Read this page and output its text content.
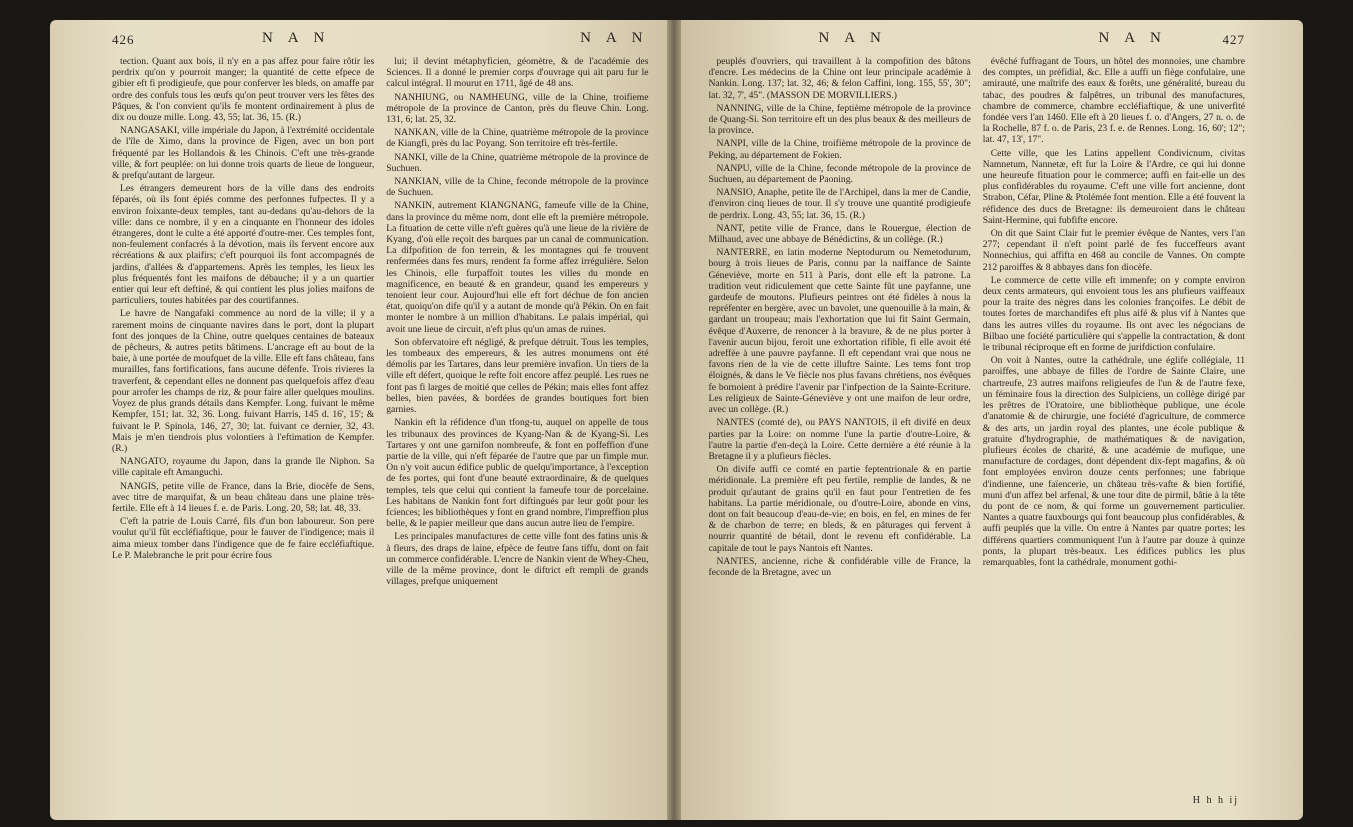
426	N A N	N A N

tection. Quant aux bois, il n'y en a pas affez pour faire rôtir les perdrix qu'on y pourroit manger; la quantité de cette efpece de gibier eft fi prodigieufe, que pour conferver les bleds, on amaffe par ordre des confuls tous les œufs qu'on peut trouver vers les fêtes des Pâques, & l'on convient qu'ils fe montent ordinairement à plus de dix ou douze mille. Long. 43, 55; lat. 36, 15. (R.)

NANGASAKI, ville impériale du Japon, à l'extrémité occidentale de l'île de Ximo, dans la province de Figen, avec un bon port fréquenté par les Hollandois & les Chinois. C'eft une très-grande ville, & fort peuplée: on lui donne trois quarts de lieue de longueur, & prefqu'autant de largeur.

Les étrangers demeurent hors de la ville dans des endroits féparés, où ils font épiés comme des perfonnes fufpectes. Il y a environ foixante-deux temples, tant au-dedans qu'au-dehors de la ville: dans ce nombre, il y en a cinquante en l'honneur des idoles étrangeres, dont le culte a été apporté d'outre-mer. Ces temples font, non-feulement confacrés à la dévotion, mais ils fervent encore aux récréations & aux plaifirs; c'eft pourquoi ils font accompagnés de jardins, d'allées & d'appartemens. Après les temples, les lieux les plus fréquentés font les maifons de débauche; il y a un quartier entier qui leur eft deftiné, & qui contient les plus jolies maifons de particuliers, toutes habitées par des courtifannes.

Le havre de Nangafaki commence au nord de la ville; il y a rarement moins de cinquante navires dans le port, dont la plupart font des jonques de la Chine, outre quelques centaines de bateaux de pêcheurs, & autres petits bâtimens. L'ancrage eft au bout de la baie, à une portée de moufquet de la ville. Elle eft fans château, fans murailles, fans fortifications, fans aucune défenfe. Trois rivieres la traverfent, & cependant elles ne donnent pas quelquefois affez d'eau pour arrofer les champs de riz, & pour faire aller quelques moulins. Voyez de plus grands détails dans Kempfer. Long. fuivant le même Kempfer, 151; lat. 32, 36. Long. fuivant Harris, 145 d. 16', 15'; & fuivant le P. Spinola, 146, 27, 30; lat. fuivant ce dernier, 32, 43. Mais je m'en tiendrois plus volontiers à l'eftimation de Kempfer. (R.)

NANGATO, royaume du Japon, dans la grande île Niphon. Sa ville capitale eft Amanguchi.

NANGIS, petite ville de France, dans la Brie, diocèfe de Sens, avec titre de marquifat, & un beau château dans une plaine très-fertile. Elle eft à 14 lieues f. e. de Paris. Long. 20, 58; lat. 48, 33.

C'eft la patrie de Louis Carré, fils d'un bon laboureur. Son pere voulut qu'il fût eccléfiaftique, pour le fauver de l'indigence; mais il aima mieux tomber dans l'indigence que de fe faire eccléfiaftique. Le P. Malebranche le prit pour écrire fous

lui; il devint métaphyficien, géomètre, & de l'académie des Sciences. Il a donné le premier corps d'ouvrage qui ait paru fur le calcul intégral. Il mourut en 1711, âgé de 48 ans.

NANHIUNG, ou NAMHEUNG, ville de la Chine, troifieme métropole de la province de Canton, près du fleuve Chin. Long. 131, 6; lat. 25, 32.

NANKAN, ville de la Chine, quatrième métropole de la province de Kiangfi, près du lac Poyang. Son territoire eft très-fertile.

NANKI, ville de la Chine, quatrième métropole de la province de Suchuen.

NANKIAN, ville de la Chine, feconde métropole de la province de Suchuen.

NANKIN, autrement KIANGNANG, fameufe ville de la Chine, dans la province du même nom, dont elle eft la première métropole. La fituation de cette ville n'eft guères qu'à une lieue de la rivière de Kyang, d'où elle reçoit des barques par un canal de communication. La difpofition de fon terrein, & les montagnes qui fe trouvent renfermées dans fes murs, rendent fa forme affez irrégulière. Selon les Chinois, elle furpaffoit toutes les villes du monde en magnificence, en beauté & en grandeur, quand les empereurs y tenoient leur cour. Aujourd'hui elle eft fort déchue de fon ancien état, quoiqu'on dife qu'il y a autant de monde qu'à Pékin. On en fait monter le nombre à un million d'habitans. Le palais impérial, qui avoit une lieue de circuit, n'eft plus qu'un amas de ruines.

Son obfervatoire eft négligé, & prefque détruit. Tous les temples, les tombeaux des empereurs, & les autres monumens ont été démolis par les Tartares, dans leur première invafion. Un tiers de la ville eft défert, quoique le refte foit encore affez peuplé. Les rues ne font pas fi larges de moitié que celles de Pékin; mais elles font affez belles, bien pavées, & bordées de grandes boutiques fort bien garnies.

Nankin eft la réfidence d'un tfong-tu, auquel on appelle de tous les tribunaux des provinces de Kyang-Nan & de Kyang-Si. Les Tartares y ont une garnifon nombreufe, & font en poffeffion d'une partie de la ville, qui n'eft féparée de l'autre que par un fimple mur. On n'y voit aucun édifice public de quelqu'importance, à l'exception de fes portes, qui font d'une beauté extraordinaire, & de quelques temples, tels que celui qui contient la fameufe tour de porcelaine. Les habitans de Nankin font fort diftingués par leur goût pour les fciences; les bibliothèques y font en grand nombre, l'impreffion plus belle, & le papier meilleur que dans aucun autre lieu de l'empire.

Les principales manufactures de cette ville font des fatins unis & à fleurs, des draps de laine, efpèce de feutre fans tiffu, dont on fait un commerce confidérable. L'encre de Nankin vient de Whey-Cheu, ville de la même province, dont le diftrict eft rempli de grands villages, prefque uniquement

N A N	N A N	427

peuplés d'ouvriers, qui travaillent à la compofition des bâtons d'encre. Les médecins de la Chine ont leur principale académie à Nankin. Long. 137; lat. 32, 46; & felon Caffini, long. 155, 55', 30"; lat. 32, 7', 45". (MASSON DE MORVILLIERS.)

NANNING, ville de la Chine, feptième métropole de la province de Quang-Si. Son territoire eft un des plus beaux & des meilleurs de la province.

NANPI, ville de la Chine, troifième métropole de la province de Peking, au département de Fokien.

NANPU, ville de la Chine, feconde métropole de la province de Suchuen, au département de Paoning.

NANSIO, Anaphe, petite île de l'Archipel, dans la mer de Candie, d'environ cinq lieues de tour. Il s'y trouve une quantité prodigieufe de perdrix. Long. 43, 55; lat. 36, 15. (R.)

NANT, petite ville de France, dans le Rouergue, élection de Milhaud, avec une abbaye de Bénédictins, & un collège. (R.)

NANTERRE, en latin moderne Neptodurum ou Nemetodurum, bourg à trois lieues de Paris, connu par la naiffance de Sainte Géneviève, morte en 511 à Paris, dont elle eft la patrone. La tradition veut ridiculement que cette Sainte fût une payfanne, une gardeufe de moutons. Plufieurs peintres ont été fidèles à nous la repréfenter en bergère, avec un bavolet, une quenouille à la main, & gardant un troupeau; mais l'exhortation que lui fit Saint Germain, évêque d'Auxerre, de renoncer à la bravure, & de ne plus porter à l'avenir aucun bijou, feroit une exhortation rifible, fi elle avoit été adreffée à une pauvre payfanne. Il eft cependant vrai que nous ne favons rien de la vie de cette illuftre Sainte. Les tems font trop éloignés, & dans le Ve fiècle nos plus favans chrétiens, nos évêques fe bornoient à prédire l'avenir par l'infpection de la Sainte-Ecriture. Les religieux de Sainte-Géneviève y ont une maifon de leur ordre, avec un collège. (R.)

NANTES (comté de), ou PAYS NANTOIS, il eft divifé en deux parties par la Loire: on nomme l'une la partie d'outre-Loire, & l'autre la partie d'en-deçà la Loire. Cette dernière a été réunie à la Bretagne il y a plufieurs fiècles.

On divife auffi ce comté en partie feptentrionale & en partie méridionale. La première eft peu fertile, remplie de landes, & ne produit qu'autant de grains qu'il en faut pour l'entretien de fes habitans. La partie méridionale, ou d'outre-Loire, abonde en vins, dont on fait beaucoup d'eau-de-vie; en bois, en fel, en mines de fer & de charbon de terre; en bleds, & en pâturages qui fervent à nourrir quantité de bétail, dont le revenu eft confidérable. La capitale de tout le pays Nantois eft Nantes.

NANTES, ancienne, riche & confidérable ville de France, la feconde de la Bretagne, avec un

évêché fuffragant de Tours, un hôtel des monnoies, une chambre des comptes, un préfidial, &c. Elle a auffi un fiège confulaire, une amirauté, une maîtrife des eaux & forêts, une généralité, bureau du tabac, des poudres & falpêtres, un tribunal des manufactures, chambre de commerce, chambre eccléfiaftique, & une univerfité fondée vers l'an 1460. Elle eft à 20 lieues f. o. d'Angers, 27 n. o. de la Rochelle, 87 f. o. de Paris, 23 f. e. de Rennes. Long. 16, 60'; 12"; lat. 47, 13', 17".

Cette ville, que les Latins appellent Condivicnum, civitas Namnetum, Nannetæ, eft fur la Loire & l'Ardre, ce qui lui donne une heureufe fituation pour le commerce; auffi en fait-elle un des plus confidérables du royaume. C'eft une ville fort ancienne, dont Strabon, Céfar, Pline & Ptolémée font mention. Elle a été fouvent la réfidence des ducs de Bretagne: ils demeuroient dans le château Saint-Hermine, qui fubfifte encore.

On dit que Saint Clair fut le premier évêque de Nantes, vers l'an 277; cependant il n'eft point parlé de fes fucceffeurs avant Nonnechius, qui affifta en 468 au concile de Vannes. On compte 212 paroiffes & 8 abbayes dans fon diocèfe.

Le commerce de cette ville eft immenfe; on y compte environ deux cents armateurs, qui envoient tous les ans plufieurs vaiffeaux pour la traite des nègres dans les colonies françoifes. Le débit de toutes fortes de marchandifes eft plus aifé & plus vif à Nantes que dans les autres villes du royaume. Ils ont avec les négocians de Bilbao une fociété particulière qui s'appelle la contractation, & dont le tribunal réciproque eft en forme de jurifdiction confulaire.

On voit à Nantes, outre la cathédrale, une églife collégiale, 11 paroiffes, une abbaye de filles de l'ordre de Sainte Claire, une chartreufe, 23 autres maifons religieufes de l'un & de l'autre fexe, un féminaire fous la direction des Sulpiciens, un collège dirigé par les prêtres de l'Oratoire, une bibliothèque publique, une école d'anatomie & de chirurgie, une fociété d'agriculture, de commerce & des arts, un jardin royal des plantes, une école publique & gratuite d'hydrographie, de mathématiques & de navigation, plufieurs écoles de charité, & une académie de mufique, une manufacture de cordages, dont dépendent dix-fept magafins, & où font employées environ douze cents perfonnes; une fabrique d'indienne, une faïencerie, un château très-vafte & bien fortifié, muni d'un affez bel arfenal, & une tour dite de pirmil, bâtie à la tête du pont de ce nom, & qui forme un gouvernement particulier. Nantes a quatre fauxbourgs qui font beaucoup plus confidérables, & auffi peuplés que la ville. On entre à Nantes par quatre portes; les différens quartiers communiquent l'un à l'autre par douze à quinze ponts, la plupart très-beaux. Les édifices publics les plus remarquables, font la cathédrale, monument gothi-

H h h ij
